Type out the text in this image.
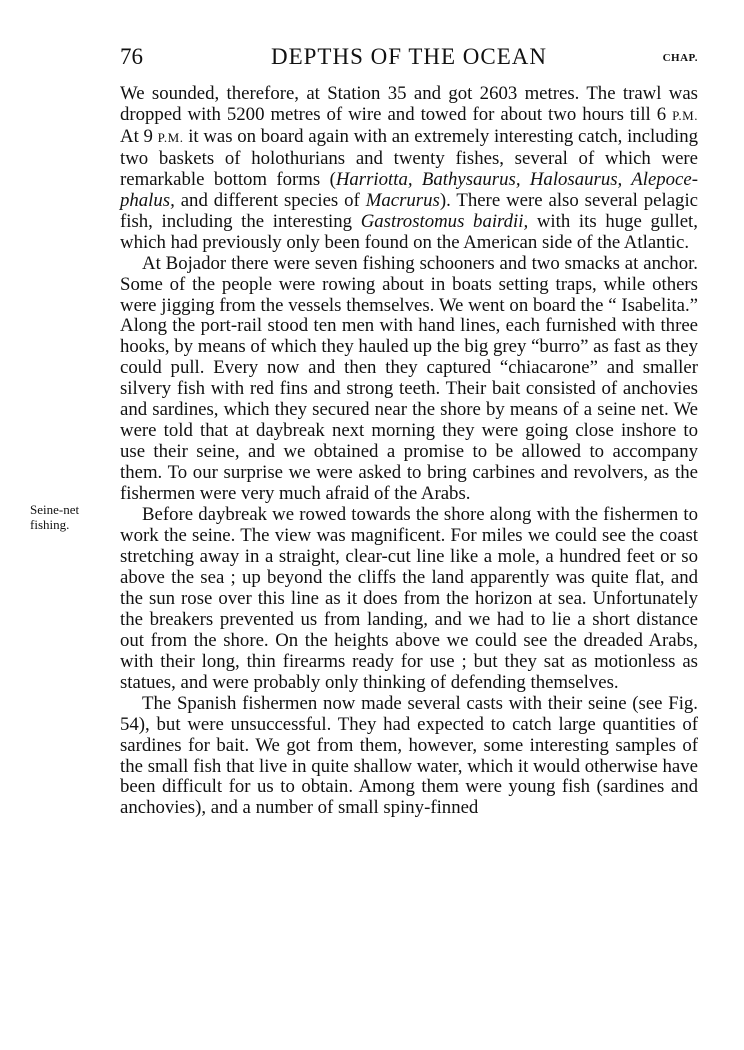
76	DEPTHS OF THE OCEAN	CHAP.
Seine-net fishing.

We sounded, therefore, at Station 35 and got 2603 metres. The trawl was dropped with 5200 metres of wire and towed for about two hours till 6 P.M. At 9 P.M. it was on board again with an extremely interesting catch, including two baskets of holothurians and twenty fishes, several of which were remarkable bottom forms (Harriotta, Bathysaurus, Halosaurus, Alepoce-phalus, and different species of Macrurus). There were also several pelagic fish, including the interesting Gastrostomus bairdii, with its huge gullet, which had previously only been found on the American side of the Atlantic.

At Bojador there were seven fishing schooners and two smacks at anchor. Some of the people were rowing about in boats setting traps, while others were jigging from the vessels themselves. We went on board the “ Isabelita.” Along the port-rail stood ten men with hand lines, each furnished with three hooks, by means of which they hauled up the big grey “burro” as fast as they could pull. Every now and then they captured “chiacarone” and smaller silvery fish with red fins and strong teeth. Their bait consisted of anchovies and sardines, which they secured near the shore by means of a seine net. We were told that at daybreak next morning they were going close inshore to use their seine, and we obtained a promise to be allowed to accompany them. To our surprise we were asked to bring carbines and revolvers, as the fishermen were very much afraid of the Arabs.

Before daybreak we rowed towards the shore along with the fishermen to work the seine. The view was magnificent. For miles we could see the coast stretching away in a straight, clear-cut line like a mole, a hundred feet or so above the sea ; up beyond the cliffs the land apparently was quite flat, and the sun rose over this line as it does from the horizon at sea. Unfortunately the breakers prevented us from landing, and we had to lie a short distance out from the shore. On the heights above we could see the dreaded Arabs, with their long, thin firearms ready for use ; but they sat as motionless as statues, and were probably only thinking of defending themselves.

The Spanish fishermen now made several casts with their seine (see Fig. 54), but were unsuccessful. They had expected to catch large quantities of sardines for bait. We got from them, however, some interesting samples of the small fish that live in quite shallow water, which it would otherwise have been difficult for us to obtain. Among them were young fish (sardines and anchovies), and a number of small spiny-finned
